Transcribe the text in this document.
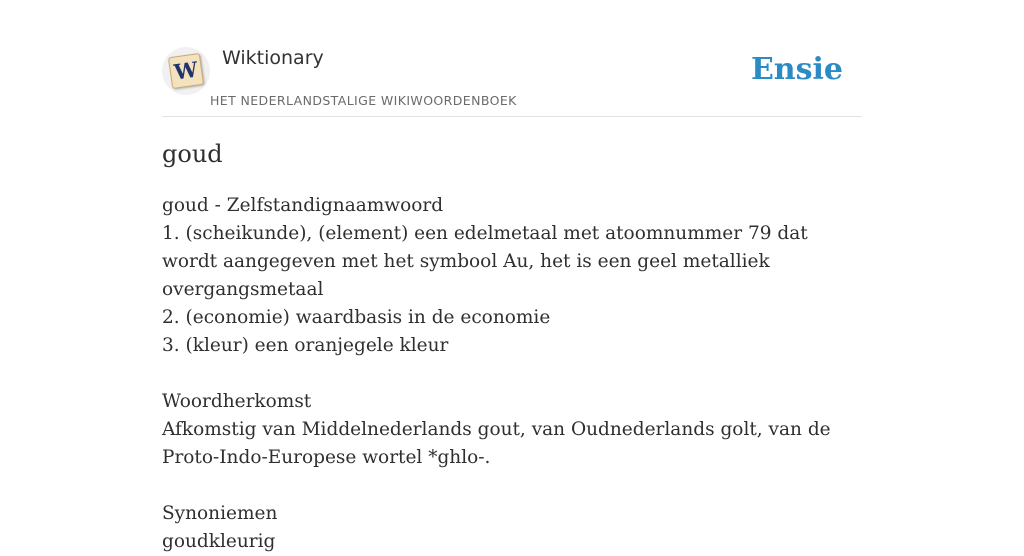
W Wiktionary
HET NEDERLANDSTALIGE WIKIWOORDENBOEK
Ensie
goud
goud - Zelfstandignaamwoord
1. (scheikunde), (element) een edelmetaal met atoomnummer 79 dat wordt aangegeven met het symbool Au, het is een geel metalliek overgangsmetaal
2. (economie) waardbasis in de economie
3. (kleur) een oranjegele kleur
Woordherkomst
Afkomstig van Middelnederlands gout, van Oudnederlands golt, van de Proto-Indo-Europese wortel *ghlo-.
Synoniemen
goudkleurig
